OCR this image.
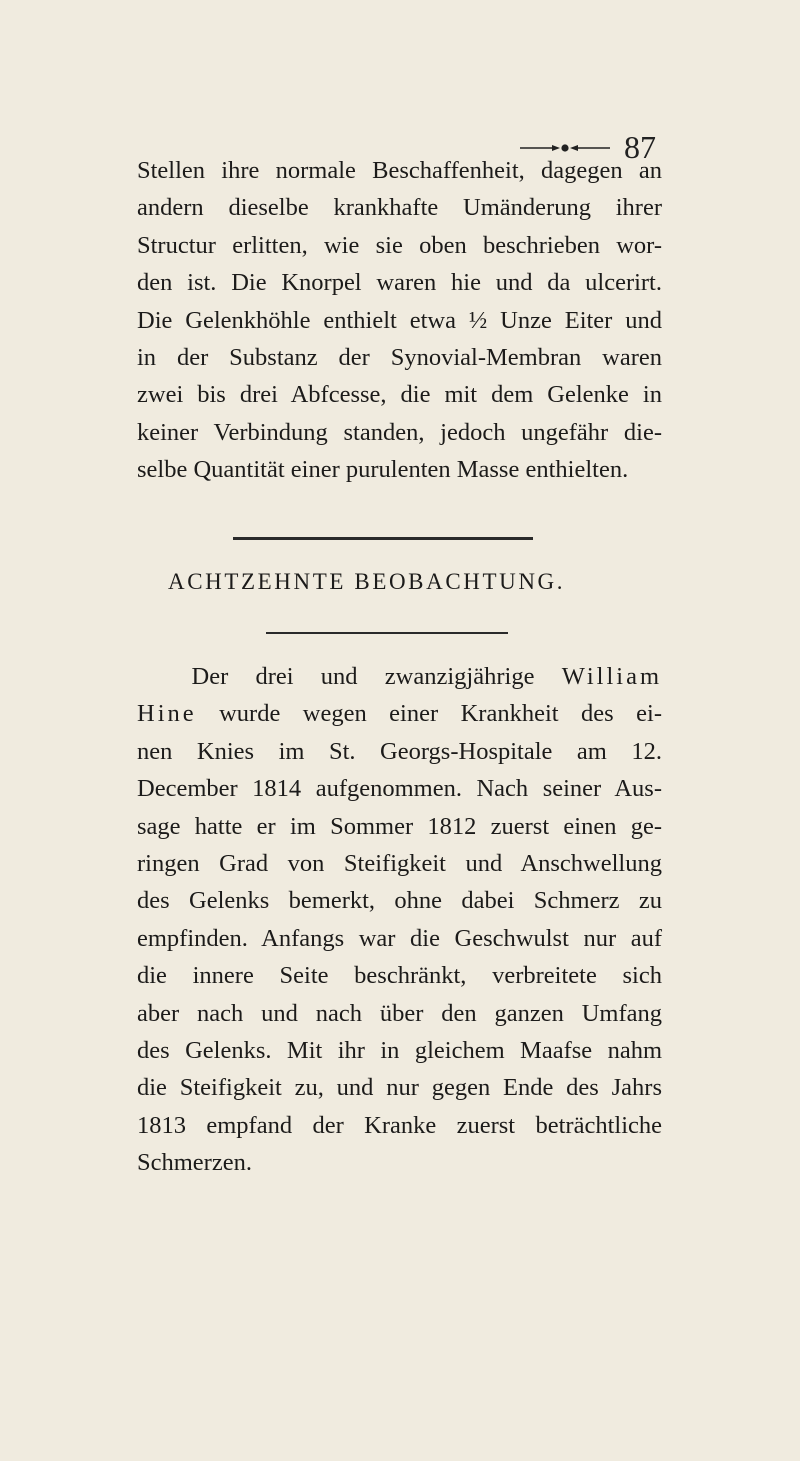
87
Stellen ihre normale Beschaffenheit, dagegen an
andern dieselbe krankhafte Umänderung ihrer
Structur erlitten, wie sie oben beschrieben wor-
den ist. Die Knorpel waren hie und da ulcerirt.
Die Gelenkhöhle enthielt etwa ½ Unze Eiter und
in der Substanz der Synovial-Membran waren
zwei bis drei Abfcesse, die mit dem Gelenke in
keiner Verbindung standen, jedoch ungefähr die-
selbe Quantität einer purulenten Masse enthielten.
ACHTZEHNTE BEOBACHTUNG.
Der drei und zwanzigjährige William
Hine wurde wegen einer Krankheit des ei-
nen Knies im St. Georgs-Hospitale am 12.
December 1814 aufgenommen. Nach seiner Aus-
sage hatte er im Sommer 1812 zuerst einen ge-
ringen Grad von Steifigkeit und Anschwellung
des Gelenks bemerkt, ohne dabei Schmerz zu
empfinden. Anfangs war die Geschwulst nur auf
die innere Seite beschränkt, verbreitete sich
aber nach und nach über den ganzen Umfang
des Gelenks. Mit ihr in gleichem Maafse nahm
die Steifigkeit zu, und nur gegen Ende des Jahrs
1813 empfand der Kranke zuerst beträchtliche
Schmerzen.
